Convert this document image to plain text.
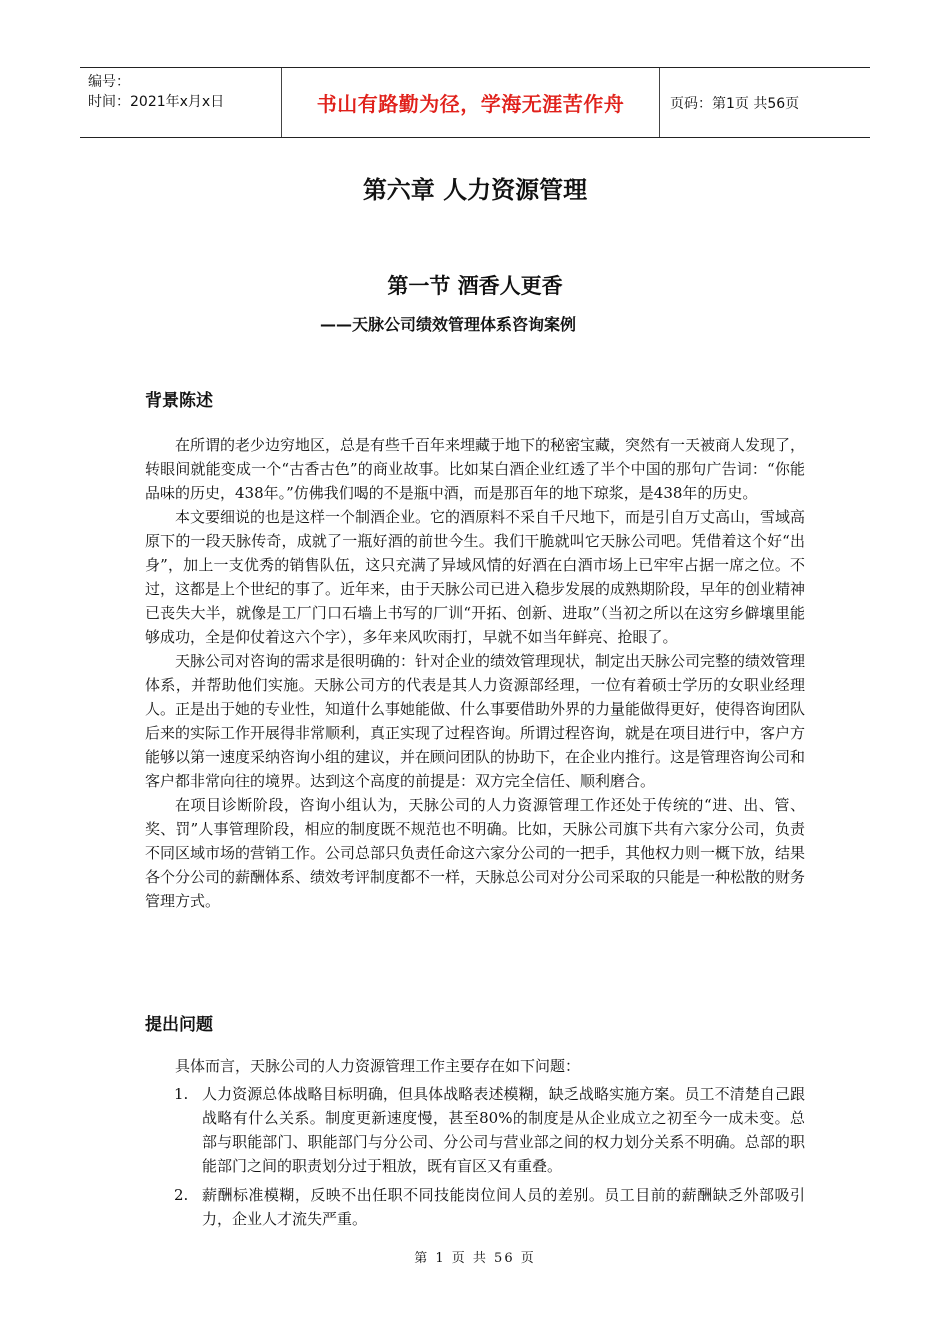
编号：
时间：2021年x月x日	书山有路勤为径，学海无涯苦作舟	页码：第1页 共56页
第六章 人力资源管理
第一节 酒香人更香
——天脉公司绩效管理体系咨询案例
背景陈述

在所谓的老少边穷地区，总是有些千百年来埋藏于地下的秘密宝藏，突然有一天被商人发现了，转眼间就能变成一个“古香古色”的商业故事。比如某白酒企业红透了半个中国的那句广告词：“你能品味的历史，438年。”仿佛我们喝的不是瓶中酒，而是那百年的地下琼浆，是438年的历史。

本文要细说的也是这样一个制酒企业。它的酒原料不采自千尺地下，而是引自万丈高山，雪域高原下的一段天脉传奇，成就了一瓶好酒的前世今生。我们干脆就叫它天脉公司吧。凭借着这个好“出身”，加上一支优秀的销售队伍，这只充满了异域风情的好酒在白酒市场上已牢牢占据一席之位。不过，这都是上个世纪的事了。近年来，由于天脉公司已进入稳步发展的成熟期阶段，早年的创业精神已丧失大半，就像是工厂门口石墙上书写的厂训“开拓、创新、进取”（当初之所以在这穷乡僻壤里能够成功，全是仰仗着这六个字），多年来风吹雨打，早就不如当年鲜亮、抢眼了。

天脉公司对咨询的需求是很明确的：针对企业的绩效管理现状，制定出天脉公司完整的绩效管理体系，并帮助他们实施。天脉公司方的代表是其人力资源部经理，一位有着硕士学历的女职业经理人。正是出于她的专业性，知道什么事她能做、什么事要借助外界的力量能做得更好，使得咨询团队后来的实际工作开展得非常顺利，真正实现了过程咨询。所谓过程咨询，就是在项目进行中，客户方能够以第一速度采纳咨询小组的建议，并在顾问团队的协助下，在企业内推行。这是管理咨询公司和客户都非常向往的境界。达到这个高度的前提是：双方完全信任、顺利磨合。

在项目诊断阶段，咨询小组认为，天脉公司的人力资源管理工作还处于传统的“进、出、管、奖、罚”人事管理阶段，相应的制度既不规范也不明确。比如，天脉公司旗下共有六家分公司，负责不同区域市场的营销工作。公司总部只负责任命这六家分公司的一把手，其他权力则一概下放，结果各个分公司的薪酬体系、绩效考评制度都不一样，天脉总公司对分公司采取的只能是一种松散的财务管理方式。

提出问题

具体而言，天脉公司的人力资源管理工作主要存在如下问题：

1. 人力资源总体战略目标明确，但具体战略表述模糊，缺乏战略实施方案。员工不清楚自己跟战略有什么关系。制度更新速度慢，甚至80%的制度是从企业成立之初至今一成未变。总部与职能部门、职能部门与分公司、分公司与营业部之间的权力划分关系不明确。总部的职能部门之间的职责划分过于粗放，既有盲区又有重叠。
2. 薪酬标准模糊，反映不出任职不同技能岗位间人员的差别。员工目前的薪酬缺乏外部吸引力，企业人才流失严重。
第 1 页 共 56 页
